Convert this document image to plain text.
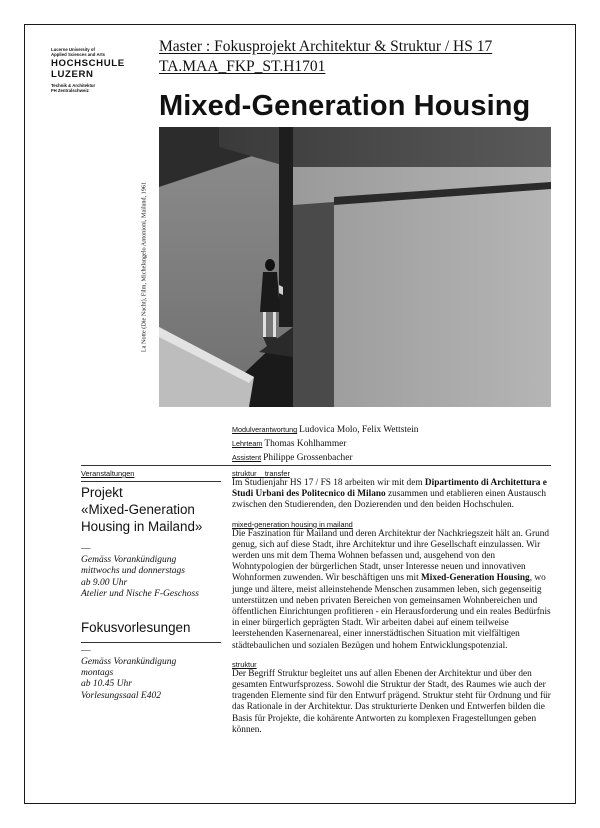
Lucerne University of
Applied Sciences and Arts
HOCHSCHULE
LUZERN
Technik & Architektur
FH Zentralschweiz
Master : Fokusprojekt Architektur & Struktur / HS 17
TA.MAA_FKP_ST.H1701
Mixed-Generation Housing
La Notte (Die Nacht), Film, Michelangelo Antonioni, Mailand, 1961
Modulverantwortung Ludovica Molo, Felix Wettstein
Lehrteam Thomas Kohlhammer
Assistent Philippe Grossenbacher
Veranstaltungen
Projekt
«Mixed-Generation
Housing in Mailand»
—
Gemäss Vorankündigung
mittwochs und donnerstags
ab 9.00 Uhr
Atelier und Nische F-Geschoss
Fokusvorlesungen
—
Gemäss Vorankündigung
montags
ab 10.45 Uhr
Vorlesungssaal E402
struktur _ transfer

Im Studienjahr HS 17 / FS 18 arbeiten wir mit dem Dipartimento di Architettura e Studi Urbani des Politecnico di Milano zusammen und etablieren einen Austausch zwischen den Studierenden, den Dozierenden und den beiden Hochschulen.

mixed-generation housing in mailand

Die Faszination für Mailand und deren Architektur der Nachkriegszeit hält an. Grund genug, sich auf diese Stadt, ihre Architektur und ihre Gesellschaft einzulassen. Wir werden uns mit dem Thema Wohnen befassen und, ausgehend von den Wohntypologien der bürgerlichen Stadt, unser Interesse neuen und innovativen Wohnformen zuwenden. Wir beschäftigen uns mit Mixed-Generation Housing, wo junge und ältere, meist alleinstehende Menschen zusammen leben, sich gegenseitig unterstützen und neben privaten Bereichen von gemeinsamen Wohnbereichen und öffentlichen Einrichtungen profitieren - ein Herausforderung und ein reales Bedürfnis in einer bürgerlich geprägten Stadt. Wir arbeiten dabei auf einem teilweise leerstehenden Kasernenareal, einer innerstädtischen Situation mit vielfältigen städtebaulichen und sozialen Bezügen und hohem Entwicklungspotenzial.

struktur

Der Begriff Struktur begleitet uns auf allen Ebenen der Architektur und über den gesamten Entwurfsprozess. Sowohl die Struktur der Stadt, des Raumes wie auch der tragenden Elemente sind für den Entwurf prägend. Struktur steht für Ordnung und für das Rationale in der Architektur. Das strukturierte Denken und Entwerfen bilden die Basis für Projekte, die kohärente Antworten zu komplexen Fragestellungen geben können.
